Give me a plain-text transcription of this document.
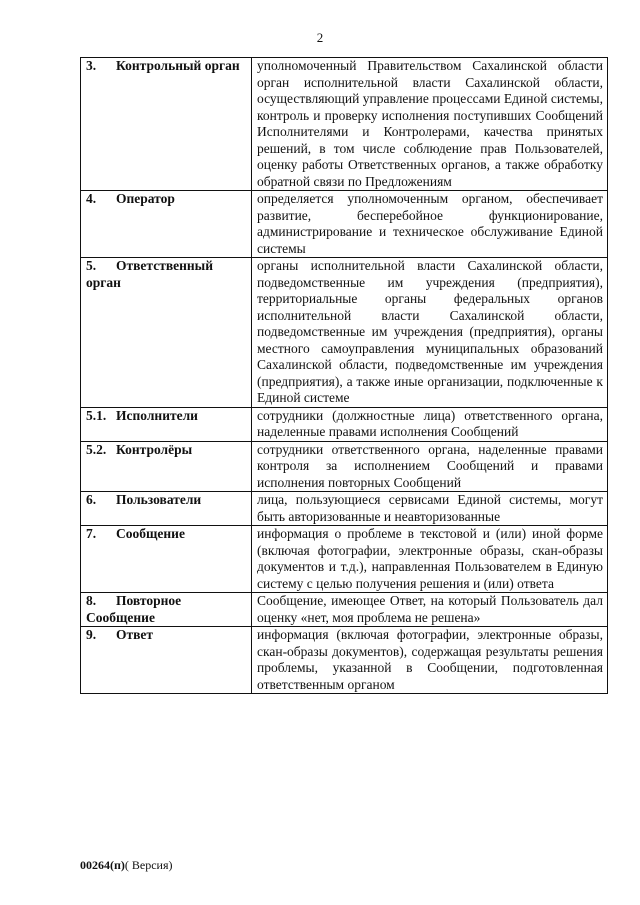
2
3. Контрольный орган	уполномоченный Правительством Сахалинской области орган исполнительной власти Сахалинской области, осуществляющий управление процессами Единой системы, контроль и проверку исполнения поступивших Сообщений Исполнителями и Контролерами, качества принятых решений, в том числе соблюдение прав Пользователей, оценку работы Ответственных органов, а также обработку обратной связи по Предложениям
4. Оператор	определяется уполномоченным органом, обеспечивает развитие, бесперебойное функционирование, администрирование и техническое обслуживание Единой системы
5. Ответственный орган	органы исполнительной власти Сахалинской области, подведомственные им учреждения (предприятия), территориальные органы федеральных органов исполнительной власти Сахалинской области, подведомственные им учреждения (предприятия), органы местного самоуправления муниципальных образований Сахалинской области, подведомственные им учреждения (предприятия), а также иные организации, подключенные к Единой системе
5.1. Исполнители	сотрудники (должностные лица) ответственного органа, наделенные правами исполнения Сообщений
5.2. Контролёры	сотрудники ответственного органа, наделенные правами контроля за исполнением Сообщений и правами исполнения повторных Сообщений
6. Пользователи	лица, пользующиеся сервисами Единой системы, могут быть авторизованные и неавторизованные
7. Сообщение	информация о проблеме в текстовой и (или) иной форме (включая фотографии, электронные образы, скан-образы документов и т.д.), направленная Пользователем в Единую систему с целью получения решения и (или) ответа
8. Повторное Сообщение	Сообщение, имеющее Ответ, на который Пользователь дал оценку «нет, моя проблема не решена»
9. Ответ	информация (включая фотографии, электронные образы, скан-образы документов), содержащая результаты решения проблемы, указанной в Сообщении, подготовленная ответственным органом
00264(п)( Версия)
